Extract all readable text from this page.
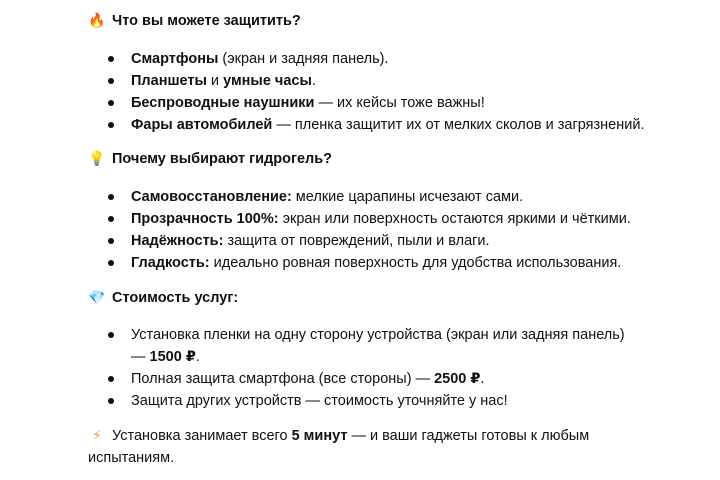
🔥 Что вы можете защитить?
Смартфоны (экран и задняя панель).
Планшеты и умные часы.
Беспроводные наушники — их кейсы тоже важны!
Фары автомобилей — пленка защитит их от мелких сколов и загрязнений.
💡 Почему выбирают гидрогель?
Самовосстановление: мелкие царапины исчезают сами.
Прозрачность 100%: экран или поверхность остаются яркими и чёткими.
Надёжность: защита от повреждений, пыли и влаги.
Гладкость: идеально ровная поверхность для удобства использования.
💎 Стоимость услуг:
Установка пленки на одну сторону устройства (экран или задняя панель) — 1500 ₽.
Полная защита смартфона (все стороны) — 2500 ₽.
Защита других устройств — стоимость уточняйте у нас!
⚡ Установка занимает всего 5 минут — и ваши гаджеты готовы к любым испытаниям.
